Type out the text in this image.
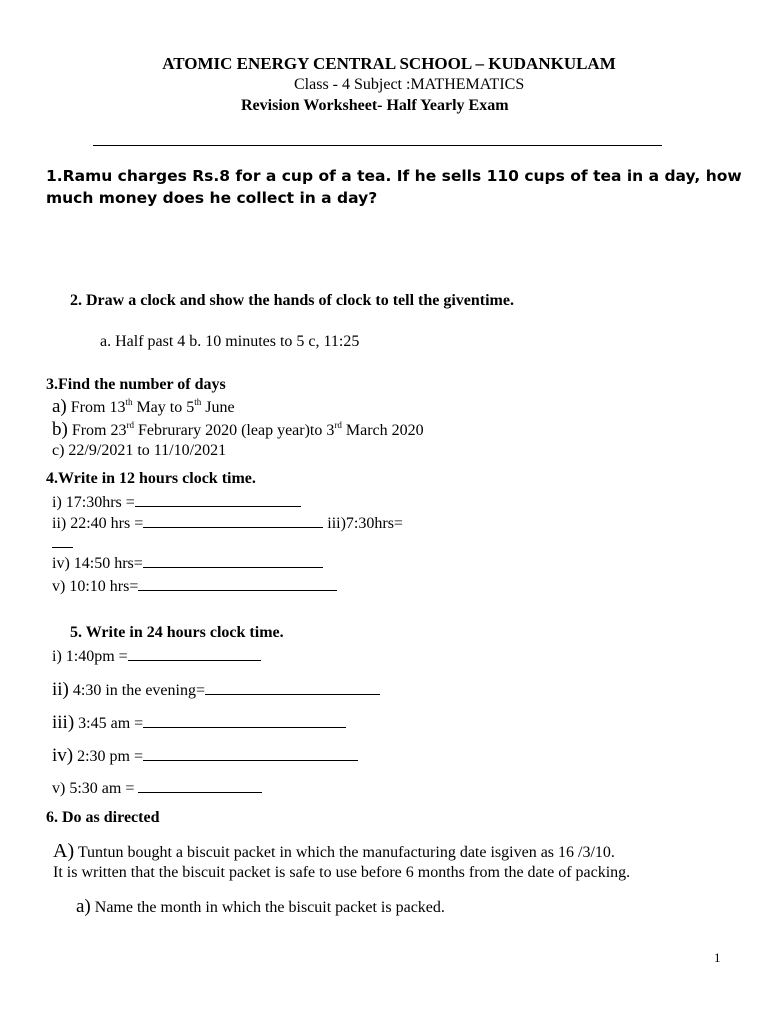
ATOMIC ENERGY CENTRAL SCHOOL – KUDANKULAM
Class - 4 Subject :MATHEMATICS
Revision Worksheet- Half Yearly Exam
1.Ramu charges Rs.8 for a cup of a tea. If he sells 110 cups of tea in a day, how
much money does he collect in a day?
2. Draw a clock and show the hands of clock to tell the giventime.
a. Half past 4 b. 10 minutes to 5 c, 11:25
3.Find the number of days
a) From 13th May to 5th June
b) From 23rd Februrary 2020 (leap year)to 3rd March 2020
c) 22/9/2021 to 11/10/2021
4.Write in 12 hours clock time.
i) 17:30hrs =
ii) 22:40 hrs =	iii)7:30hrs=
iv) 14:50 hrs=
v) 10:10 hrs=
5. Write in 24 hours clock time.
i) 1:40pm =
ii) 4:30 in the evening=
iii) 3:45 am =
iv) 2:30 pm =
v) 5:30 am =
6. Do as directed
A) Tuntun bought a biscuit packet in which the manufacturing date isgiven as 16 /3/10.
It is written that the biscuit packet is safe to use before 6 months from the date of packing.
a) Name the month in which the biscuit packet is packed.
1
